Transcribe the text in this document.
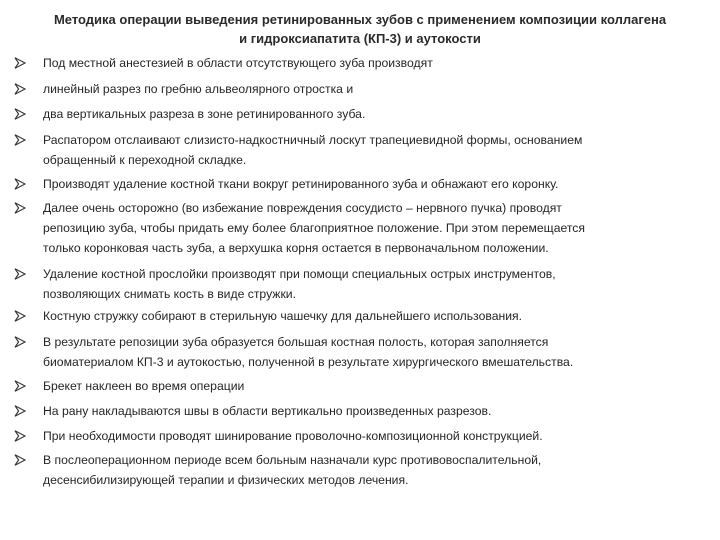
Методика операции выведения ретинированных зубов с применением композиции коллагена
и гидроксиапатита (КП-3) и аутокости
Под местной анестезией в области отсутствующего зуба производят
линейный разрез по гребню альвеолярного отростка и
два вертикальных разреза в зоне ретинированного зуба.
Распатором отслаивают слизисто-надкостничный лоскут трапециевидной формы, основанием
обращенный к переходной складке.
Производят удаление костной ткани вокруг ретинированного зуба и обнажают его коронку.
Далее очень осторожно (во избежание повреждения сосудисто – нервного пучка) проводят
репозицию зуба, чтобы придать ему более благоприятное положение. При этом перемещается
только коронковая часть зуба, а верхушка корня остается в первоначальном положении.
Удаление костной прослойки производят при помощи специальных острых инструментов,
позволяющих снимать кость в виде стружки.
Костную стружку собирают в стерильную чашечку для дальнейшего использования.
В результате репозиции зуба образуется большая костная полость, которая заполняется
биоматериалом КП-3 и аутокостью, полученной в результате хирургического вмешательства.
Брекет наклеен во время операции
На рану накладываются швы в области вертикально произведенных разрезов.
При необходимости проводят шинирование проволочно-композиционной конструкцией.
В послеоперационном периоде всем больным назначали курс противовоспалительной,
десенсибилизирующей терапии и физических методов лечения.
